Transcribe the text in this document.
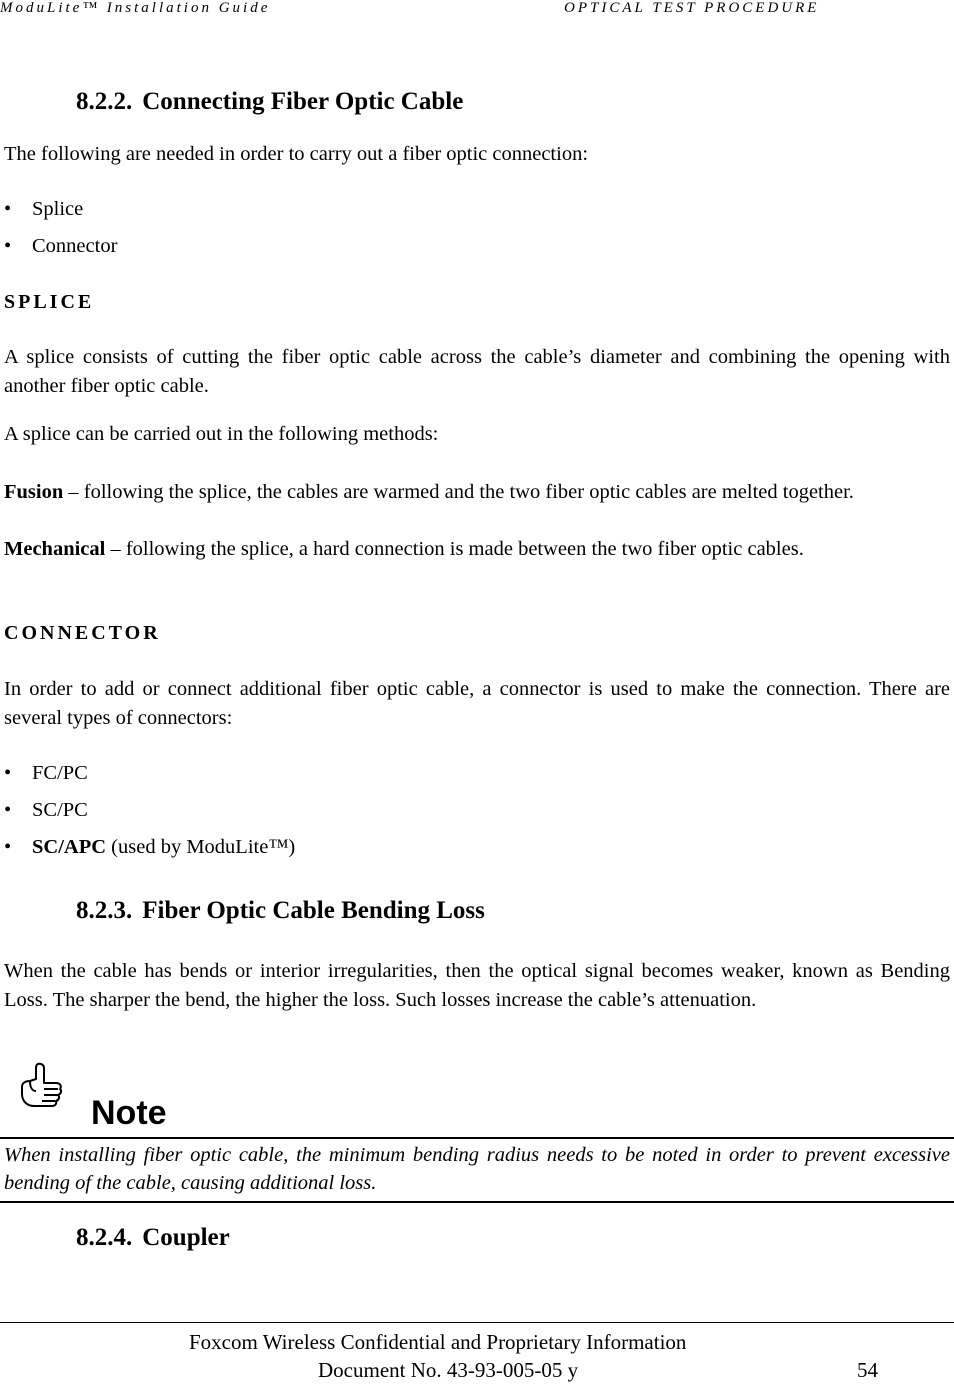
ModuLite™ Installation Guide	OPTICAL TEST PROCEDURE
8.2.2. Connecting Fiber Optic Cable
The following are needed in order to carry out a fiber optic connection:
• Splice
• Connector
SPLICE
A splice consists of cutting the fiber optic cable across the cable’s diameter and combining the opening with another fiber optic cable.
A splice can be carried out in the following methods:
Fusion – following the splice, the cables are warmed and the two fiber optic cables are melted together.
Mechanical – following the splice, a hard connection is made between the two fiber optic cables.
CONNECTOR
In order to add or connect additional fiber optic cable, a connector is used to make the connection. There are several types of connectors:
• FC/PC
• SC/PC
• SC/APC (used by ModuLite™)
8.2.3. Fiber Optic Cable Bending Loss
When the cable has bends or interior irregularities, then the optical signal becomes weaker, known as Bending Loss. The sharper the bend, the higher the loss. Such losses increase the cable’s attenuation.
Note
When installing fiber optic cable, the minimum bending radius needs to be noted in order to prevent excessive bending of the cable, causing additional loss.
8.2.4. Coupler
Foxcom Wireless Confidential and Proprietary Information
Document No. 43-93-005-05 y	54
